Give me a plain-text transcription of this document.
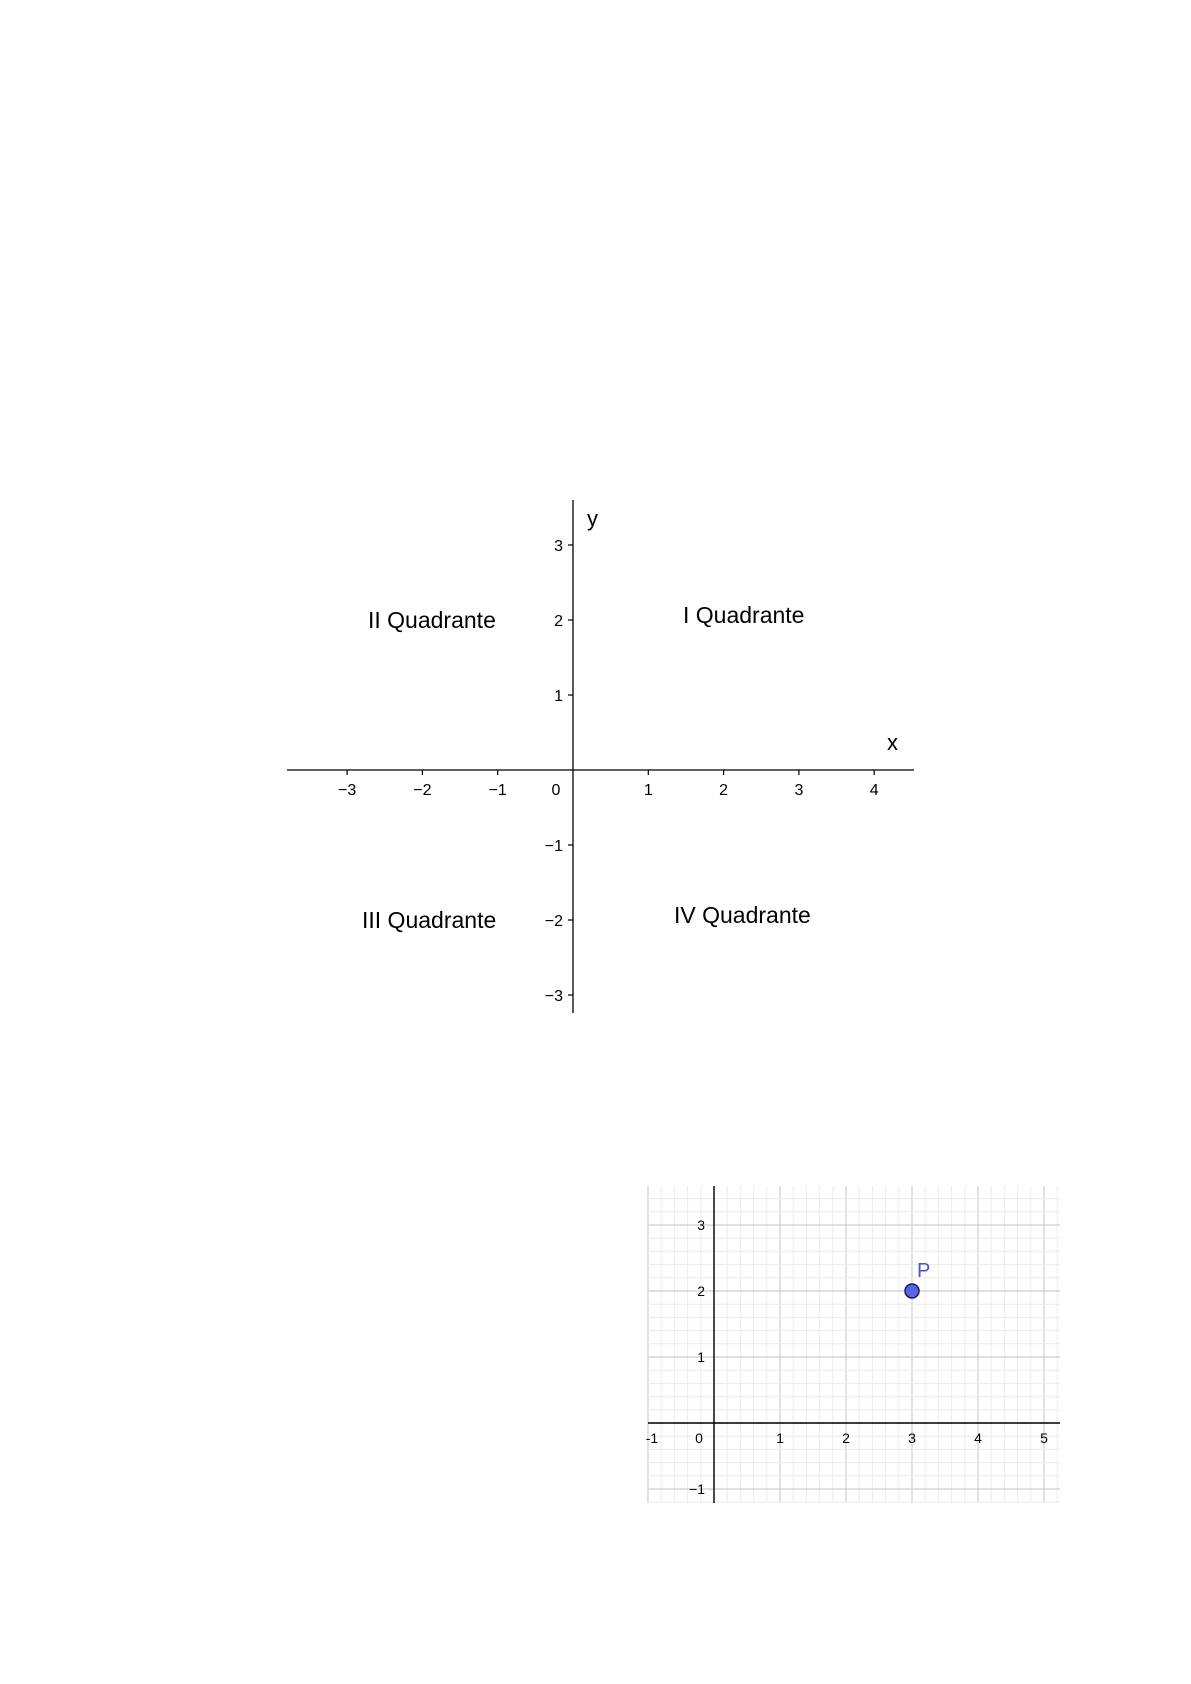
−3	−2	−1	0	1	2	3	4
3
2
1
−1
−2
−3
x
y
I Quadrante
II Quadrante
III Quadrante	IV Quadrante
-1	0	1	2	3	4	5
3
2
1
−1
P
